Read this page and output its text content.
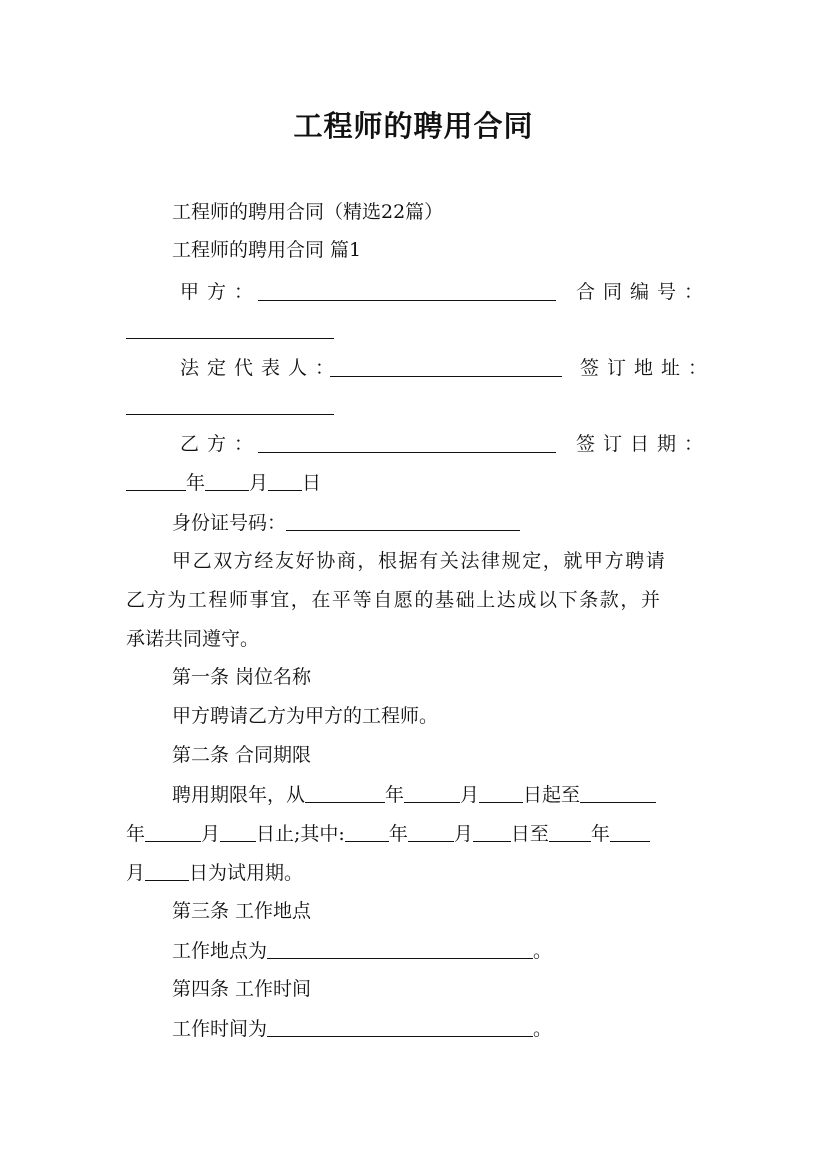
工程师的聘用合同
工程师的聘用合同（精选22篇）
工程师的聘用合同 篇1
甲方：	合同编号：
法定代表人：	签订地址：
乙方：	签订日期：
年 月 日
身份证号码：
甲乙双方经友好协商，根据有关法律规定，就甲方聘请
乙方为工程师事宜，在平等自愿的基础上达成以下条款，并
承诺共同遵守。
第一条 岗位名称
甲方聘请乙方为甲方的工程师。
第二条 合同期限
聘用期限年，从	年	月 日起至
年	月 日止;其中: 年 月 日至 年
月 日为试用期。
第三条 工作地点
工作地点为	。
第四条 工作时间
工作时间为	。
